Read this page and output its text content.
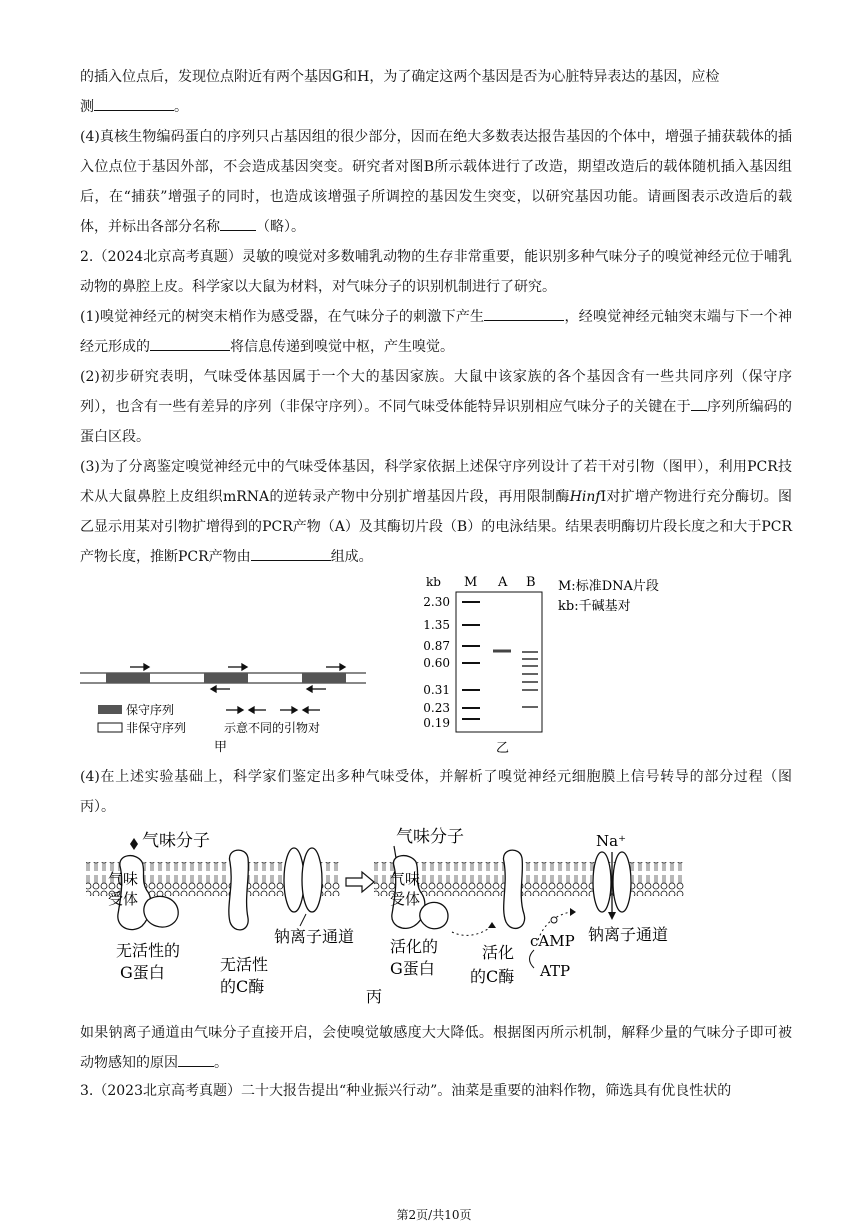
的插入位点后，发现位点附近有两个基因G和H，为了确定这两个基因是否为心脏特异表达的基因，应检
测	。

(4)真核生物编码蛋白的序列只占基因组的很少部分，因而在绝大多数表达报告基因的个体中，增强子捕获载体的插入位点位于基因外部，不会造成基因突变。研究者对图B所示载体进行了改造，期望改造后的载体随机插入基因组后，在“捕获”增强子的同时，也造成该增强子所调控的基因发生突变，以研究基因功能。请画图表示改造后的载体，并标出各部分名称	（略）。

2.（2024北京高考真题）灵敏的嗅觉对多数哺乳动物的生存非常重要，能识别多种气味分子的嗅觉神经元位于哺乳动物的鼻腔上皮。科学家以大鼠为材料，对气味分子的识别机制进行了研究。

(1)嗅觉神经元的树突末梢作为感受器，在气味分子的刺激下产生	，经嗅觉神经元轴突末端与下一个神经元形成的	将信息传递到嗅觉中枢，产生嗅觉。

(2)初步研究表明，气味受体基因属于一个大的基因家族。大鼠中该家族的各个基因含有一些共同序列（保守序列），也含有一些有差异的序列（非保守序列）。不同气味受体能特异识别相应气味分子的关键在于 序列所编码的蛋白区段。

(3)为了分离鉴定嗅觉神经元中的气味受体基因，科学家依据上述保守序列设计了若干对引物（图甲），利用PCR技术从大鼠鼻腔上皮组织mRNA的逆转录产物中分别扩增基因片段，再用限制酶HinfI对扩增产物进行充分酶切。图乙显示用某对引物扩增得到的PCR产物（A）及其酶切片段（B）的电泳结果。结果表明酶切片段长度之和大于PCR产物长度，推断PCR产物由	组成。

保守序列
非保守序列	示意不同的引物对
甲
kb M A B
2.30
1.35
0.87
0.60
0.31
0.23
0.19
M:标准DNA片段
kb:千碱基对
乙

(4)在上述实验基础上，科学家们鉴定出多种气味受体，并解析了嗅觉神经元细胞膜上信号转导的部分过程（图丙）。

气味分子
气味
受体
无活性的
G蛋白	无活性
的C酶
钠离子通道
气味分子
气味
受体
活化的
G蛋白
活化
的C酶
cAMP
ATP
Na⁺
钠离子通道
丙

如果钠离子通道由气味分子直接开启，会使嗅觉敏感度大大降低。根据图丙所示机制，解释少量的气味分子即可被动物感知的原因	。

3.（2023北京高考真题）二十大报告提出“种业振兴行动”。油菜是重要的油料作物，筛选具有优良性状的

第2页/共10页
